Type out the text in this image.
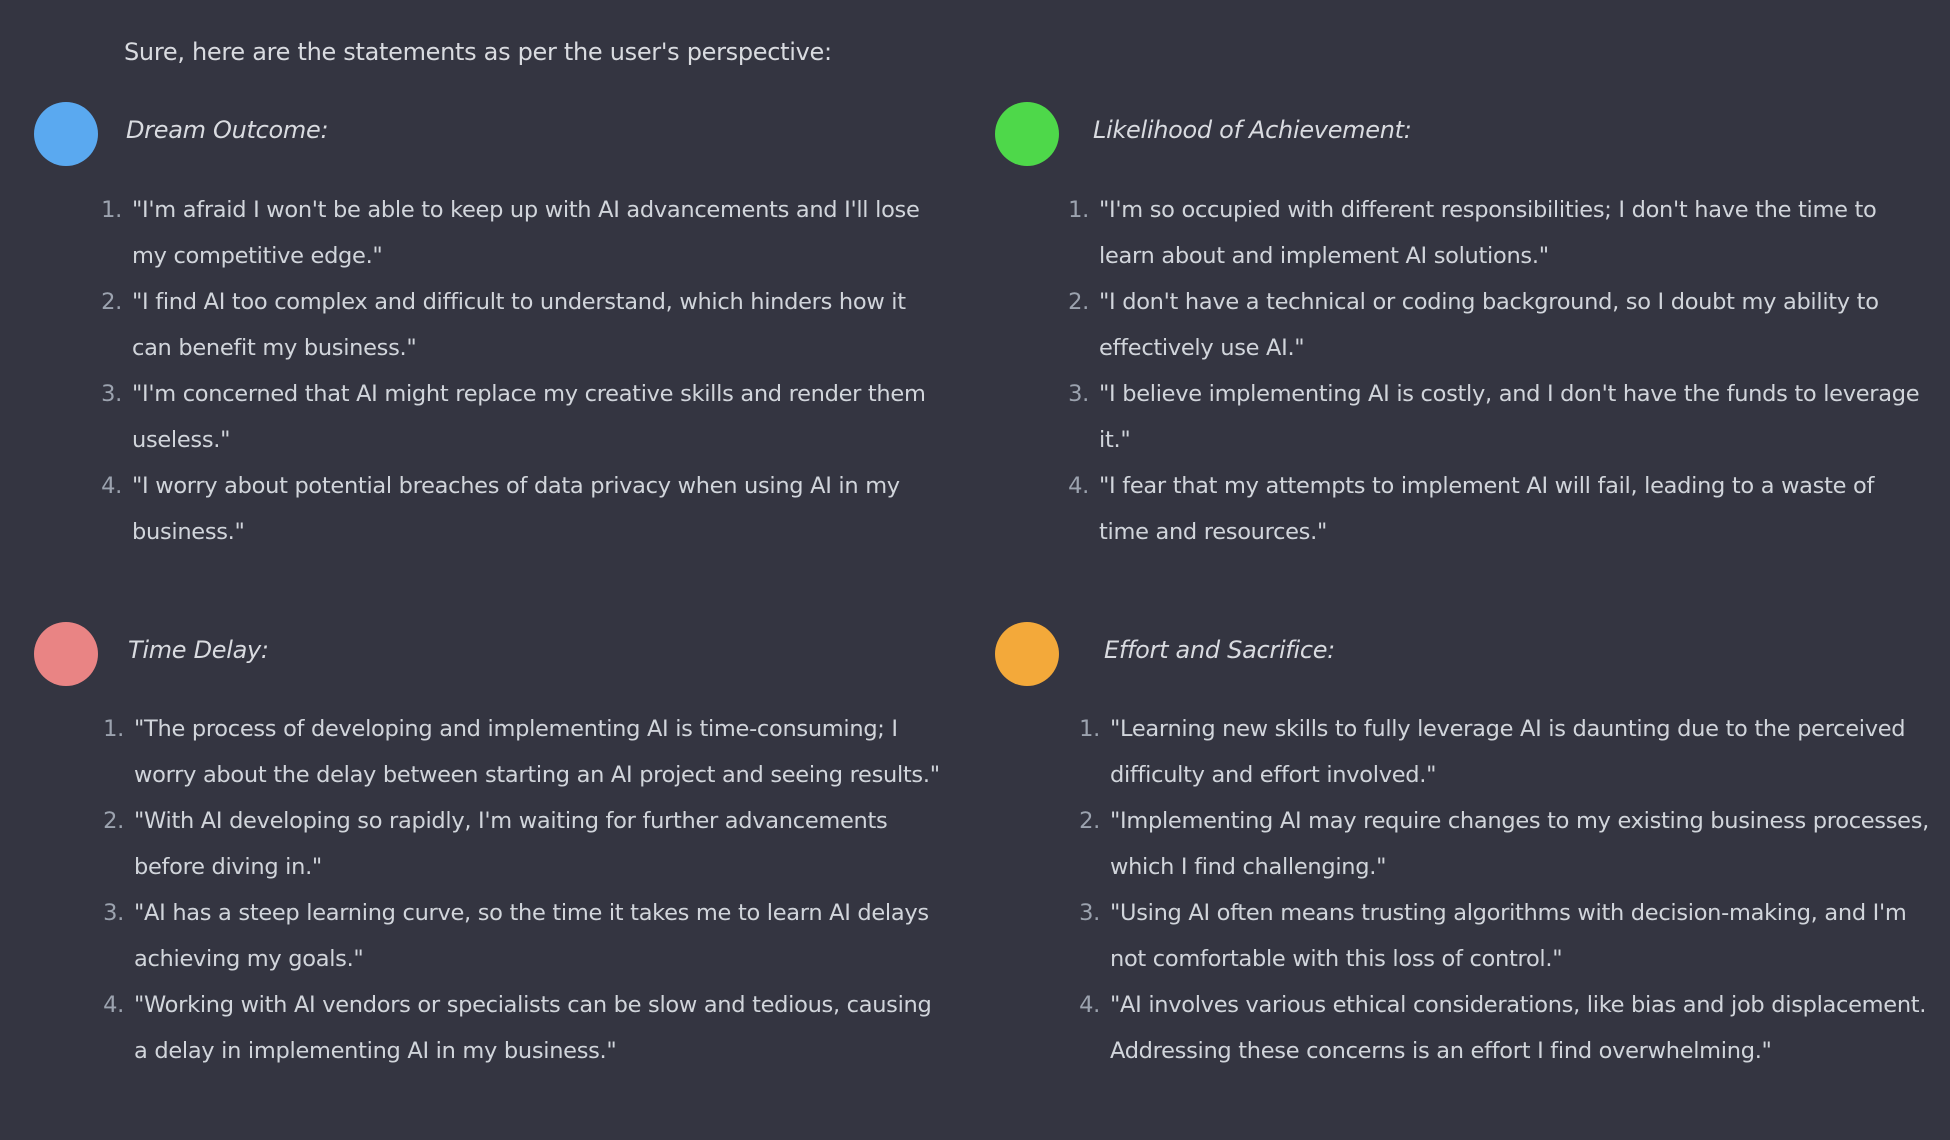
Sure, here are the statements as per the user's perspective:
Dream Outcome:
1. "I'm afraid I won't be able to keep up with AI advancements and I'll lose my competitive edge."
2. "I find AI too complex and difficult to understand, which hinders how it can benefit my business."
3. "I'm concerned that AI might replace my creative skills and render them useless."
4. "I worry about potential breaches of data privacy when using AI in my business."
Likelihood of Achievement:
1. "I'm so occupied with different responsibilities; I don't have the time to learn about and implement AI solutions."
2. "I don't have a technical or coding background, so I doubt my ability to effectively use AI."
3. "I believe implementing AI is costly, and I don't have the funds to leverage it."
4. "I fear that my attempts to implement AI will fail, leading to a waste of time and resources."
Time Delay:
1. "The process of developing and implementing AI is time-consuming; I worry about the delay between starting an AI project and seeing results."
2. "With AI developing so rapidly, I'm waiting for further advancements before diving in."
3. "AI has a steep learning curve, so the time it takes me to learn AI delays achieving my goals."
4. "Working with AI vendors or specialists can be slow and tedious, causing a delay in implementing AI in my business."
Effort and Sacrifice:
1. "Learning new skills to fully leverage AI is daunting due to the perceived difficulty and effort involved."
2. "Implementing AI may require changes to my existing business processes, which I find challenging."
3. "Using AI often means trusting algorithms with decision-making, and I'm not comfortable with this loss of control."
4. "AI involves various ethical considerations, like bias and job displacement. Addressing these concerns is an effort I find overwhelming."
